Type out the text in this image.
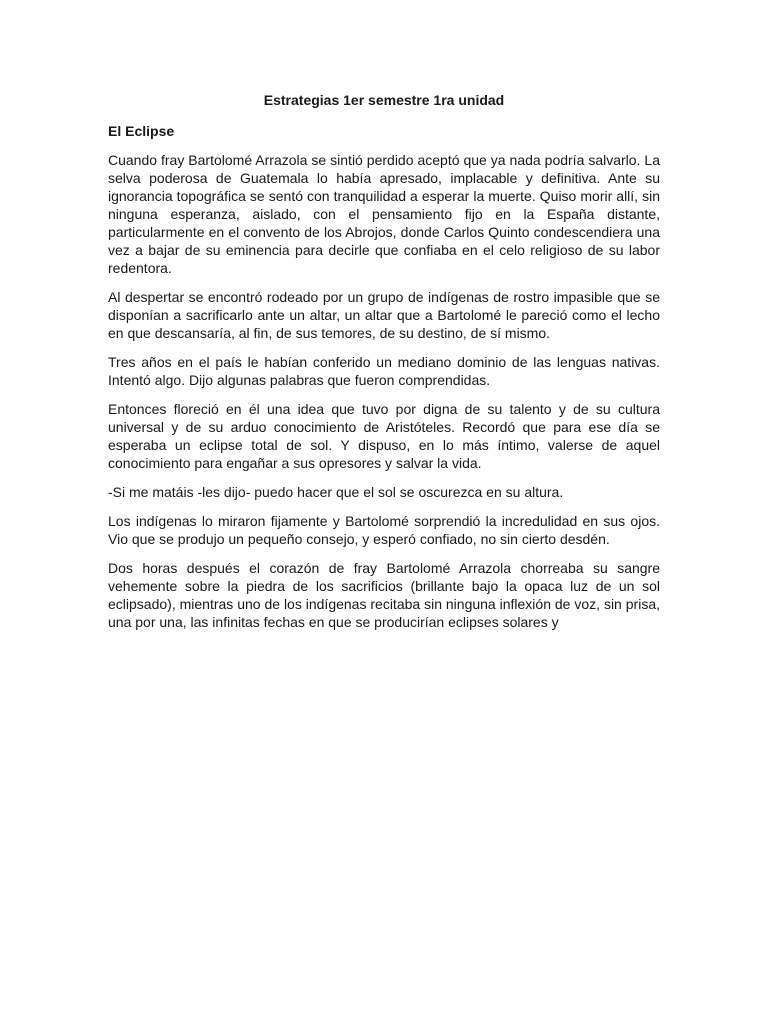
Estrategias 1er semestre 1ra unidad
El Eclipse

Cuando fray Bartolomé Arrazola se sintió perdido aceptó que ya nada podría salvarlo. La selva poderosa de Guatemala lo había apresado, implacable y definitiva. Ante su ignorancia topográfica se sentó con tranquilidad a esperar la muerte. Quiso morir allí, sin ninguna esperanza, aislado, con el pensamiento fijo en la España distante, particularmente en el convento de los Abrojos, donde Carlos Quinto condescendiera una vez a bajar de su eminencia para decirle que confiaba en el celo religioso de su labor redentora.

Al despertar se encontró rodeado por un grupo de indígenas de rostro impasible que se disponían a sacrificarlo ante un altar, un altar que a Bartolomé le pareció como el lecho en que descansaría, al fin, de sus temores, de su destino, de sí mismo.

Tres años en el país le habían conferido un mediano dominio de las lenguas nativas. Intentó algo. Dijo algunas palabras que fueron comprendidas.

Entonces floreció en él una idea que tuvo por digna de su talento y de su cultura universal y de su arduo conocimiento de Aristóteles. Recordó que para ese día se esperaba un eclipse total de sol. Y dispuso, en lo más íntimo, valerse de aquel conocimiento para engañar a sus opresores y salvar la vida.

-Si me matáis -les dijo- puedo hacer que el sol se oscurezca en su altura.

Los indígenas lo miraron fijamente y Bartolomé sorprendió la incredulidad en sus ojos. Vio que se produjo un pequeño consejo, y esperó confiado, no sin cierto desdén.

Dos horas después el corazón de fray Bartolomé Arrazola chorreaba su sangre vehemente sobre la piedra de los sacrificios (brillante bajo la opaca luz de un sol eclipsado), mientras uno de los indígenas recitaba sin ninguna inflexión de voz, sin prisa, una por una, las infinitas fechas en que se producirían eclipses solares y
